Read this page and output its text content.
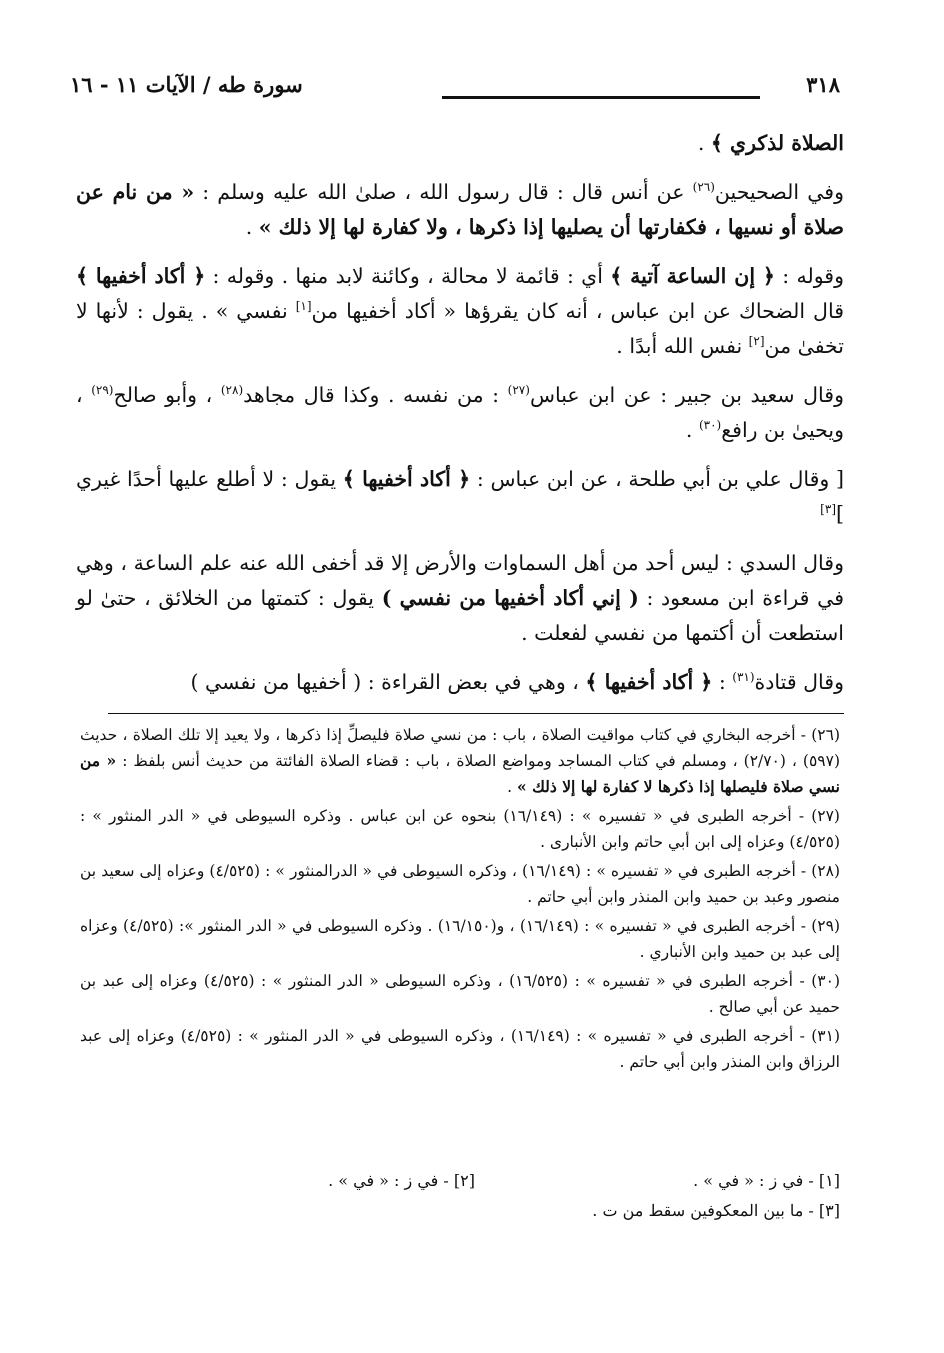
٣١٨
سورة طه / الآيات ١١ - ١٦

الصلاة لذكري ﴾ .

وفي الصحيحين$^{(٢٦)}$ عن أنس قال : قال رسول الله ، صلىٰ الله عليه وسلم : « من نام عن صلاة أو نسيها ، فكفارتها أن يصليها إذا ذكرها ، ولا كفارة لها إلا ذلك » .

وقوله : ﴿ إن الساعة آتية ﴾ أي : قائمة لا محالة ، وكائنة لابد منها . وقوله : ﴿ أكاد أخفيها ﴾ قال الضحاك عن ابن عباس ، أنه كان يقرؤها « أكاد أخفيها من[١] نفسي » . يقول : لأنها لا تخفىٰ من[٢] نفس الله أبدًا .

وقال سعيد بن جبير : عن ابن عباس$^{(٢٧)}$ : من نفسه . وكذا قال مجاهد$^{(٢٨)}$ ، وأبو صالح$^{(٢٩)}$ ، ويحيىٰ بن رافع$^{(٣٠)}$ .

[ وقال علي بن أبي طلحة ، عن ابن عباس : ﴿ أكاد أخفيها ﴾ يقول : لا أطلع عليها أحدًا غيري ][٣]

وقال السدي : ليس أحد من أهل السماوات والأرض إلا قد أخفى الله عنه علم الساعة ، وهي في قراءة ابن مسعود : ( إني أكاد أخفيها من نفسي ) يقول : كتمتها من الخلائق ، حتىٰ لو استطعت أن أكتمها من نفسي لفعلت .

وقال قتادة$^{(٣١)}$ : ﴿ أكاد أخفيها ﴾ ، وهي في بعض القراءة : ( أخفيها من نفسي )

(٢٦) - أخرجه البخاري في كتاب مواقيت الصلاة ، باب : من نسي صلاة فليصلِّ إذا ذكرها ، ولا يعيد إلا تلك الصلاة ، حديث (٥٩٧) ، (٢/٧٠) ، ومسلم في كتاب المساجد ومواضع الصلاة ، باب : قضاء الصلاة الفائتة من حديث أنس بلفظ : « من نسي صلاة فليصلها إذا ذكرها لا كفارة لها إلا ذلك » .

(٢٧) - أخرجه الطبرى في « تفسيره » : (١٦/١٤٩) بنحوه عن ابن عباس . وذكره السيوطى في « الدر المنثور » : (٤/٥٢٥) وعزاه إلى ابن أبي حاتم وابن الأنبارى .

(٢٨) - أخرجه الطبرى في « تفسيره » : (١٦/١٤٩) ، وذكره السيوطى في « الدرالمنثور » : (٤/٥٢٥) وعزاه إلى سعيد بن منصور وعبد بن حميد وابن المنذر وابن أبي حاتم .

(٢٩) - أخرجه الطبرى في « تفسيره » : (١٦/١٤٩) ، و(١٦/١٥٠) . وذكره السيوطى في « الدر المنثور »: (٤/٥٢٥) وعزاه إلى عبد بن حميد وابن الأنباري .

(٣٠) - أخرجه الطبرى في « تفسيره » : (١٦/٥٢٥) ، وذكره السيوطى « الدر المنثور » : (٤/٥٢٥) وعزاه إلى عبد بن حميد عن أبي صالح .

(٣١) - أخرجه الطبرى في « تفسيره » : (١٦/١٤٩) ، وذكره السيوطى في « الدر المنثور » : (٤/٥٢٥) وعزاه إلى عبد الرزاق وابن المنذر وابن أبي حاتم .

[١] - في ز : « في » .
[٢] - في ز : « في » .
[٣] - ما بين المعكوفين سقط من ت .
